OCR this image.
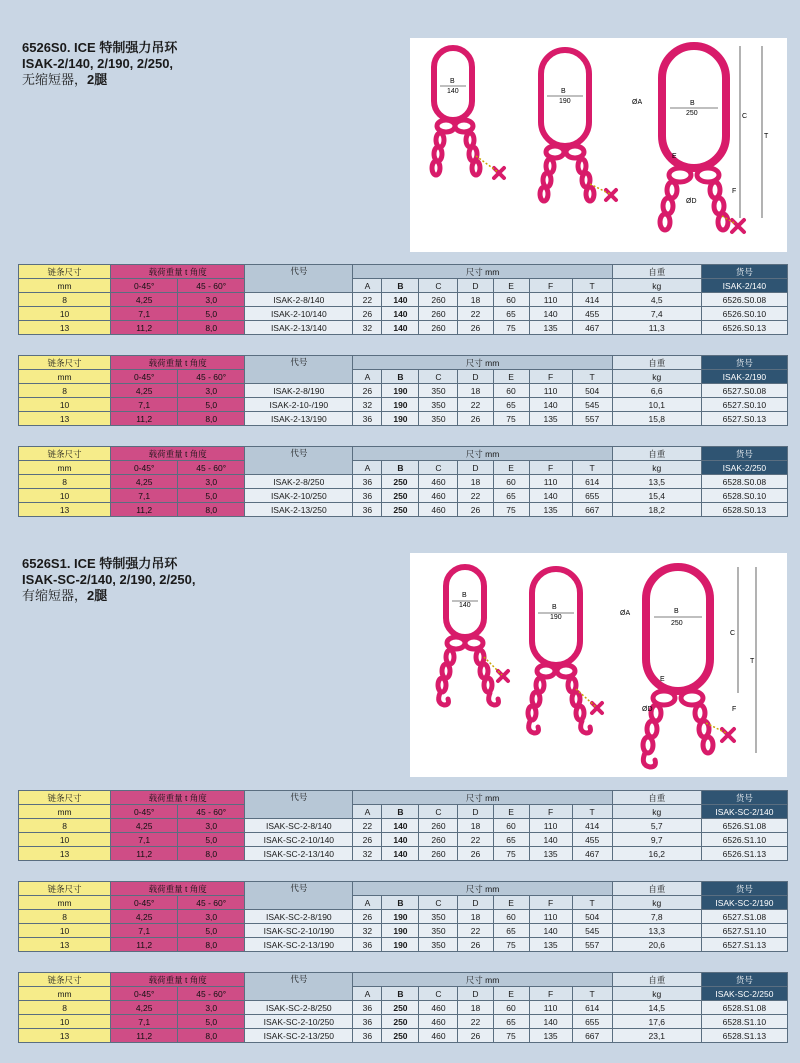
6526S0. ICE 特制强力吊环
ISAK-2/140, 2/190, 2/250,
无缩短器，2腿	B
140	B
190	B
250
ØA
C
T
E
F
ØD
链条尺寸	载荷重量 t 角度		代号	尺寸 mm							自重	货号
mm	0-45°	45 - 60°		A	B	C	D	E	F	T	kg	ISAK-2/140
8	4,25	3,0	ISAK-2-8/140	22	140	260	18	60	110	414	4,5	6526.S0.08
10	7,1	5,0	ISAK-2-10/140	26	140	260	22	65	140	455	7,4	6526.S0.10
13	11,2	8,0	ISAK-2-13/140	32	140	260	26	75	135	467	11,3	6526.S0.13
链条尺寸	载荷重量 t 角度		代号	尺寸 mm							自重	货号
mm	0-45°	45 - 60°		A	B	C	D	E	F	T	kg	ISAK-2/190
8	4,25	3,0	ISAK-2-8/190	26	190	350	18	60	110	504	6,6	6527.S0.08
10	7,1	5,0	ISAK-2-10-/190	32	190	350	22	65	140	545	10,1	6527.S0.10
13	11,2	8,0	ISAK-2-13/190	36	190	350	26	75	135	557	15,8	6527.S0.13
链条尺寸	载荷重量 t 角度		代号	尺寸 mm							自重	货号
mm	0-45°	45 - 60°		A	B	C	D	E	F	T	kg	ISAK-2/250
8	4,25	3,0	ISAK-2-8/250	36	250	460	18	60	110	614	13,5	6528.S0.08
10	7,1	5,0	ISAK-2-10/250	36	250	460	22	65	140	655	15,4	6528.S0.10
13	11,2	8,0	ISAK-2-13/250	36	250	460	26	75	135	667	18,2	6528.S0.13
6526S1. ICE 特制强力吊环
ISAK-SC-2/140, 2/190, 2/250,
有缩短器，2腿	B
140	B
190
B
250
ØA
C
T
E
F
ØD
链条尺寸	载荷重量 t 角度		代号	尺寸 mm							自重	货号
mm	0-45°	45 - 60°		A	B	C	D	E	F	T	kg	ISAK-SC-2/140
8	4,25	3,0	ISAK-SC-2-8/140	22	140	260	18	60	110	414	5,7	6526.S1.08
10	7,1	5,0	ISAK-SC-2-10/140	26	140	260	22	65	140	455	9,7	6526.S1.10
13	11,2	8,0	ISAK-SC-2-13/140	32	140	260	26	75	135	467	16,2	6526.S1.13
链条尺寸	载荷重量 t 角度		代号	尺寸 mm							自重	货号
mm	0-45°	45 - 60°		A	B	C	D	E	F	T	kg	ISAK-SC-2/190
8	4,25	3,0	ISAK-SC-2-8/190	26	190	350	18	60	110	504	7,8	6527.S1.08
10	7,1	5,0	ISAK-SC-2-10/190	32	190	350	22	65	140	545	13,3	6527.S1.10
13	11,2	8,0	ISAK-SC-2-13/190	36	190	350	26	75	135	557	20,6	6527.S1.13
链条尺寸	载荷重量 t 角度		代号	尺寸 mm							自重	货号
mm	0-45°	45 - 60°		A	B	C	D	E	F	T	kg	ISAK-SC-2/250
8	4,25	3,0	ISAK-SC-2-8/250	36	250	460	18	60	110	614	14,5	6528.S1.08
10	7,1	5,0	ISAK-SC-2-10/250	36	250	460	22	65	140	655	17,6	6528.S1.10
13	11,2	8,0	ISAK-SC-2-13/250	36	250	460	26	75	135	667	23,1	6528.S1.13
